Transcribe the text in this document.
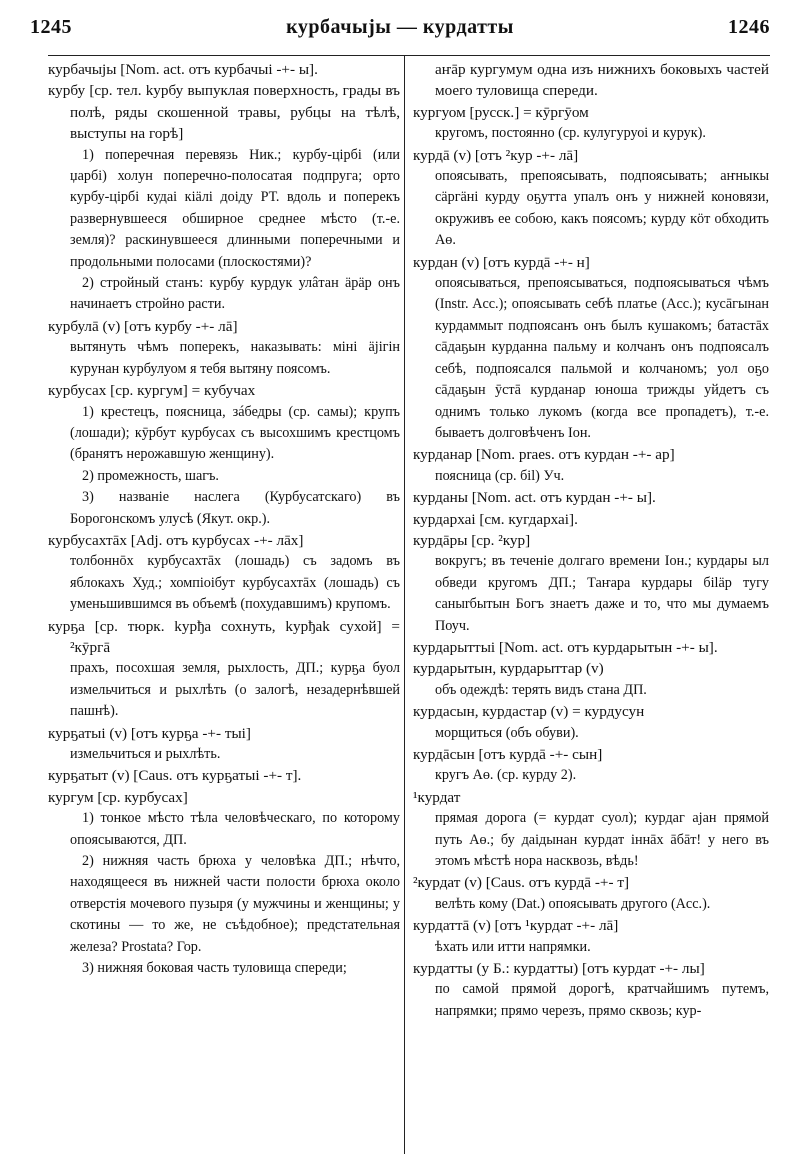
1245	курбачыјы — курдатты	1246

курбачыјы [Nom. act. отъ курбачыі -+- ы].

курбу [ср. тел. kурбу выпуклая поверхность, грады въ полѣ, ряды скошенной травы, рубцы на тѣлѣ, выступы на горѣ]

1) поперечная перевязь Ник.; курбу-цірбі (или џарбі) холун поперечно-полосатая подпруга; орто курбу-цірбі кудаі кіäлі доіду РТ. вдоль и поперекъ развернувшееся обширное среднее мѣсто (т.-е. земля)? раскинувшееся длинными поперечными и продольными полосами (плоскостями)?

2) стройный станъ: курбу курдук улâтан äрäр онъ начинаетъ стройно расти.

курбулā (v) [отъ курбу -+- лā]

вытянуть чѣмъ поперекъ, наказывать: міні äјігін курунан курбулуом я тебя вытяну поясомъ.

курбусах [ср. кургум] = кубучах

1) крестецъ, поясница, зáбедры (ср. самы); крупъ (лошади); кӯрбут курбусах съ высохшимъ крестцомъ (бранятъ нерожавшую женщину).

2) промежность, шагъ.

3) названіе наслега (Курбусатскаго) въ Борогонскомъ улусѣ (Якут. окр.).

курбусахтāх [Adj. отъ курбусах -+- лāх]

толбоннōх курбусахтāх (лошадь) съ задомъ въ яблокахъ Худ.; хомпіоібут курбусахтāх (лошадь) съ уменьшившимся въ объемѣ (похудавшимъ) крупомъ.

курҕа [ср. тюрк. kурђа сохнуть, kурђаk сухой] = ²кӯргā

прахъ, посохшая земля, рыхлость, ДП.; курҕа буол измельчиться и рыхлѣть (о залогѣ, незадернѣвшей пашнѣ).

курҕатыі (v) [отъ курҕа -+- тыі]

измельчиться и рыхлѣть.

курҕатыт (v) [Caus. отъ курҕатыі -+- т].

кургум [ср. курбусах]

1) тонкое мѣсто тѣла человѣческаго, по которому опоясываются, ДП.

2) нижняя часть брюха у человѣка ДП.; нѣчто, находящееся въ нижней части полости брюха около отверстія мочевого пузыря (у мужчины и женщины; у скотины — то же, не съѣдобное); предстательная железа? Prostata? Гор.

3) нижняя боковая часть туловища спереди;

аҥāр кургумум одна изъ нижнихъ боковыхъ частей моего туловища спереди.

кургуом [русск.] = кӯргӯом

кругомъ, постоянно (ср. кулугуруоі и курук).

курдā (v) [отъ ²кур -+- лā]

опоясывать, препоясывать, подпоясывать; аҥныкы сäргäні курду оҕутта упалъ онъ у нижней коновязи, окруживъ ее собою, какъ поясомъ; курду кӧт обходить Аө.

курдан (v) [отъ курдā -+- н]

опоясываться, препоясываться, подпоясываться чѣмъ (Instr. Acc.); опоясывать себѣ платье (Acc.); кусāгынан курдаммыт подпоясанъ онъ былъ кушакомъ; батастāх сāдаҕын курданна пальму и колчанъ онъ подпоясалъ себѣ, подпоясался пальмой и колчаномъ; уол оҕо сāдаҕын ӯстā курданар юноша трижды уйдетъ съ однимъ только лукомъ (когда все пропадетъ), т.-е. бываетъ долговѣченъ Іон.

курданар [Nom. praes. отъ курдан -+- ар]

поясница (ср. біl) Уч.

курданы [Nom. act. отъ курдан -+- ы].

курдархаі [см. кугдархаі].

курдāры [ср. ²кур]

вокругъ; въ теченіе долгаго времени Іон.; курдары ыл обведи кругомъ ДП.; Таҥара курдары біläр тугу саныrбытын Богъ знаетъ даже и то, что мы думаемъ Поуч.

курдарыттыі [Nom. act. отъ курдарытын -+- ы].

курдарытын, курдарыттар (v)

объ одеждѣ: терять видъ стана ДП.

курдасын, курдастар (v) = курдусун

морщиться (объ обуви).

курдāсын [отъ курдā -+- сын]

кругъ Аө. (ср. курду 2).

¹курдат

прямая дорога (= курдат суол); курдаг аjан прямой путь Аө.; бу даідынан курдат іннāх āбāт! у него въ этомъ мѣстѣ нора насквозь, вѣдь!

²курдат (v) [Caus. отъ курдā -+- т]

велѣть кому (Dat.) опоясывать другого (Acc.).

курдаттā (v) [отъ ¹курдат -+- лā]

ѣхать или итти напрямки.

курдатты (у Б.: курдатты) [отъ курдат -+- лы]

по самой прямой дорогѣ, кратчайшимъ путемъ, напрямки; прямо черезъ, прямо сквозь; кур-
